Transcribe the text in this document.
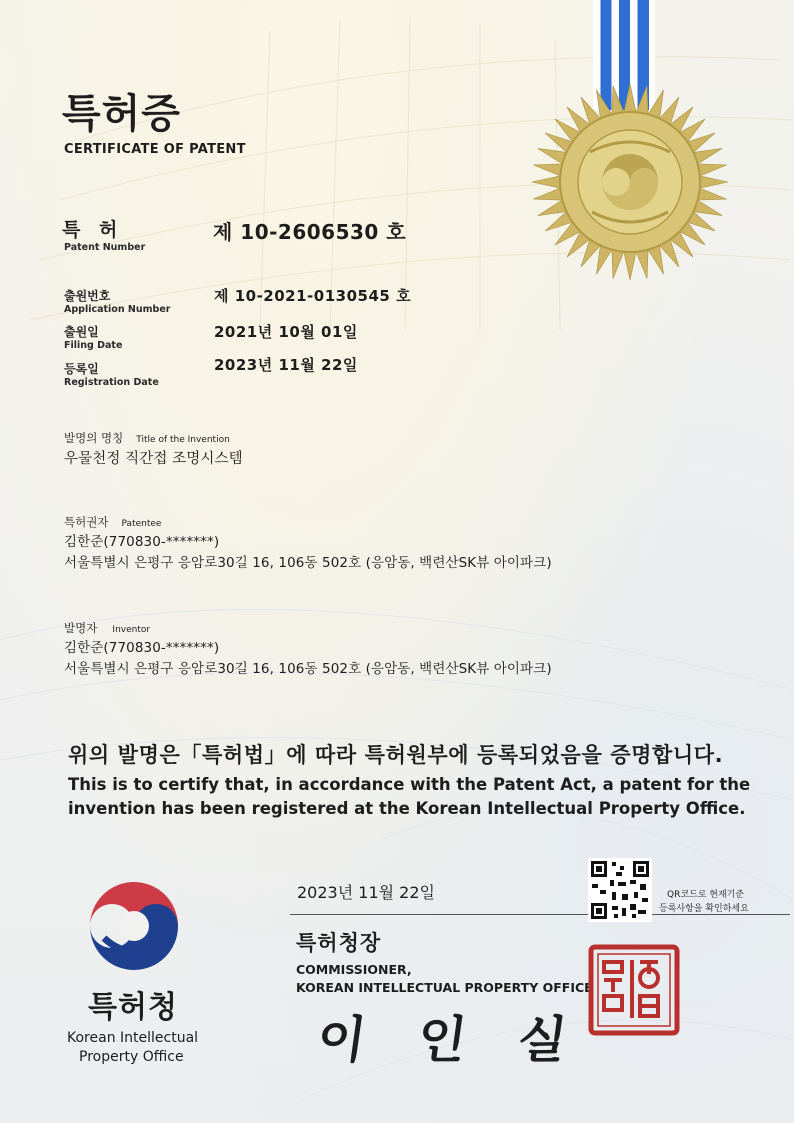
특허증
CERTIFICATE OF PATENT
특 허
Patent Number
제 10-2606530 호
출원번호
Application Number
제 10-2021-0130545 호
출원일
Filing Date
2021년 10월 01일
등록일
Registration Date
2023년 11월 22일
발명의 명칭 Title of the Invention
우물천정 직간접 조명시스템
특허권자 Patentee
김한준(770830-*******)
서울특별시 은평구 응암로30길 16, 106동 502호 (응암동, 백련산SK뷰 아이파크)
발명자 Inventor
김한준(770830-*******)
서울특별시 은평구 응암로30길 16, 106동 502호 (응암동, 백련산SK뷰 아이파크)
위의 발명은「특허법」에 따라 특허원부에 등록되었음을 증명합니다.
This is to certify that, in accordance with the Patent Act, a patent for the
invention has been registered at the Korean Intellectual Property Office.
2023년 11월 22일	QR코드로 현재기준
등록사항을 확인하세요
특허청장
COMMISSIONER,
KOREAN INTELLECTUAL PROPERTY OFFICE
이인실
특허청
Korean Intellectual
Property Office
